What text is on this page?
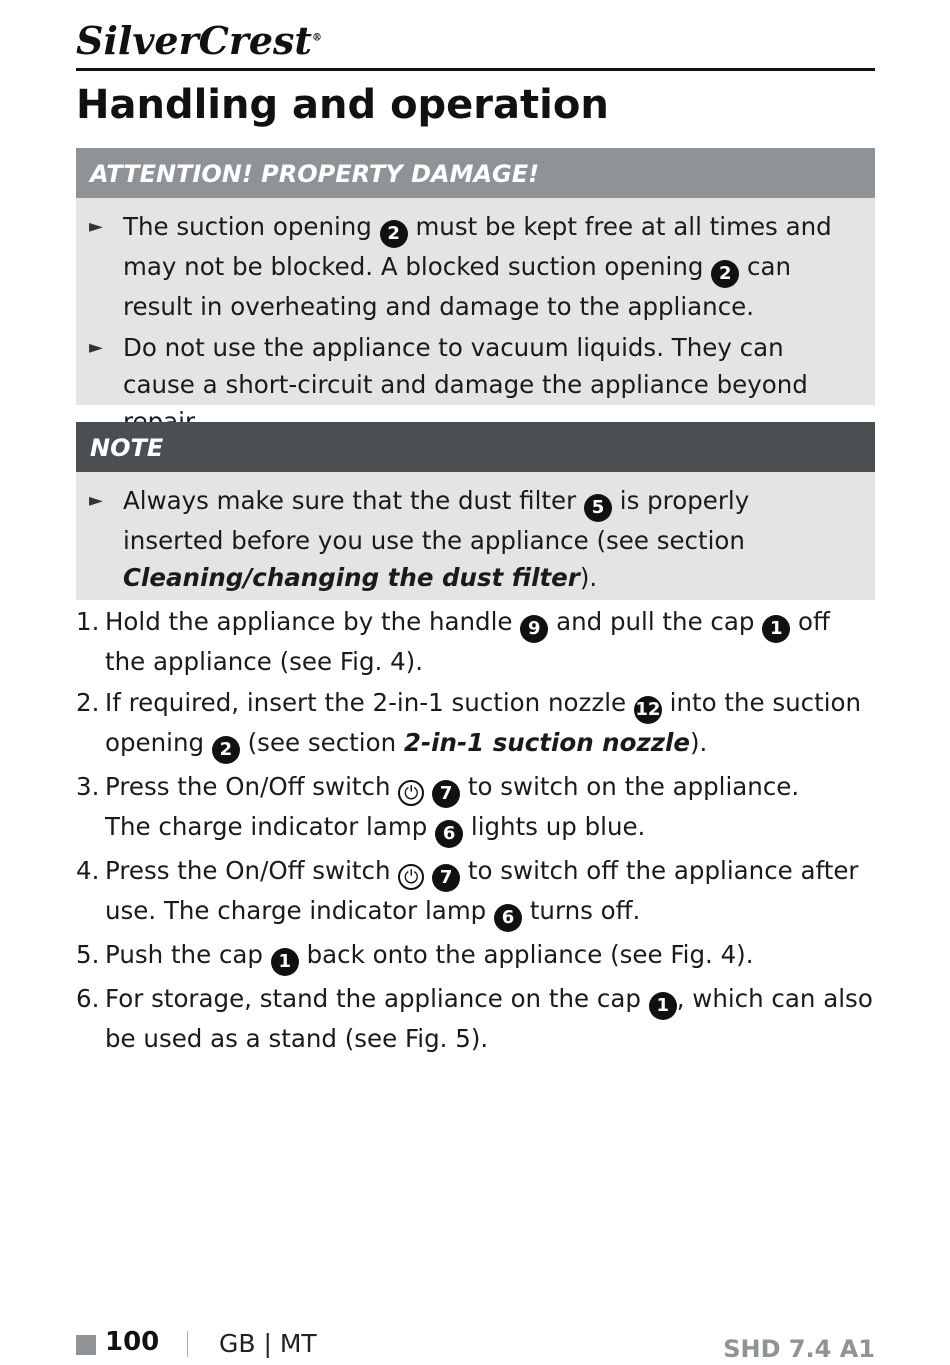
SilverCrest®
Handling and operation
ATTENTION! PROPERTY DAMAGE!
► The suction opening 2 must be kept free at all times and may not be blocked. A blocked suction opening 2 can result in overheating and damage to the appliance.
► Do not use the appliance to vacuum liquids. They can cause a short-circuit and damage the appliance beyond
NOTE
► Always make sure that the dust filter 5 is properly inserted before you use the appliance (see section Cleaning/changing the dust filter).
1. Hold the appliance by the handle 9 and pull the cap 1 off the appliance (see Fig. 4).
2. If required, insert the 2-in-1 suction nozzle 12 into the suction opening 2 (see section 2-in-1 suction nozzle).
3. Press the On/Off switch ⏻ 7 to switch on the appliance.
The charge indicator lamp 6 lights up blue.
4. Press the On/Off switch ⏻ 7 to switch off the appliance after use. The charge indicator lamp 6 turns off.
5. Push the cap 1 back onto the appliance (see Fig. 4).
6. For storage, stand the appliance on the cap 1 , which can also be used as a stand (see Fig. 5).
100 GB | MT	SHD 7.4 A1
